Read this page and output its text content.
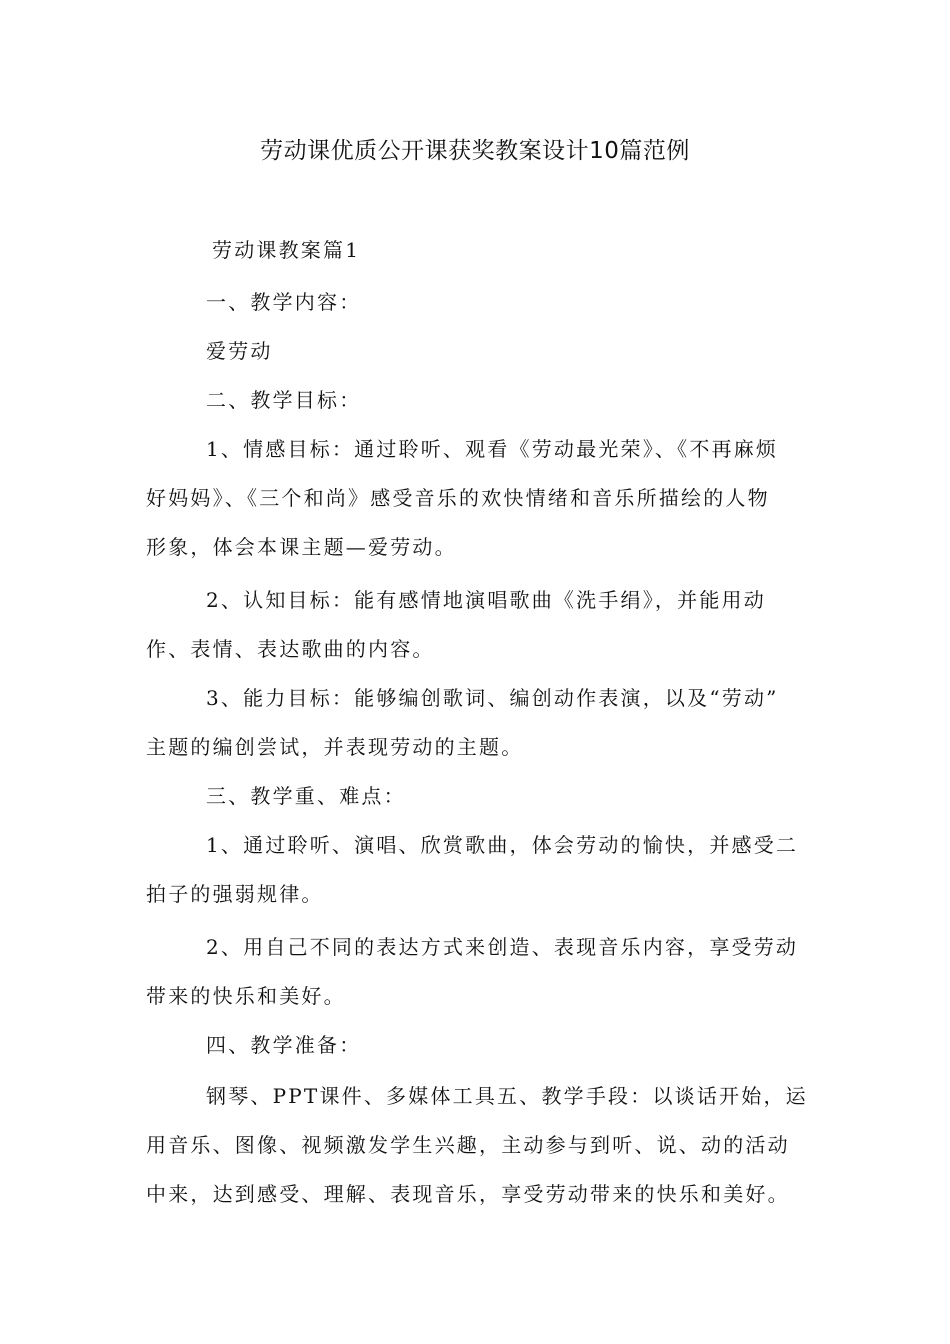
劳动课优质公开课获奖教案设计10篇范例

劳动课教案篇1

一、教学内容：

爱劳动

二、教学目标：

1、情感目标：通过聆听、观看《劳动最光荣》、《不再麻烦

好妈妈》、《三个和尚》感受音乐的欢快情绪和音乐所描绘的人物

形象，体会本课主题—爱劳动。

2、认知目标：能有感情地演唱歌曲《洗手绢》，并能用动

作、表情、表达歌曲的内容。

3、能力目标：能够编创歌词、编创动作表演，以及“劳动”

主题的编创尝试，并表现劳动的主题。

三、教学重、难点：

1、通过聆听、演唱、欣赏歌曲，体会劳动的愉快，并感受二

拍子的强弱规律。

2、用自己不同的表达方式来创造、表现音乐内容，享受劳动

带来的快乐和美好。

四、教学准备：

钢琴、PPT课件、多媒体工具五、教学手段：以谈话开始，运

用音乐、图像、视频激发学生兴趣，主动参与到听、说、动的活动

中来，达到感受、理解、表现音乐，享受劳动带来的快乐和美好。
